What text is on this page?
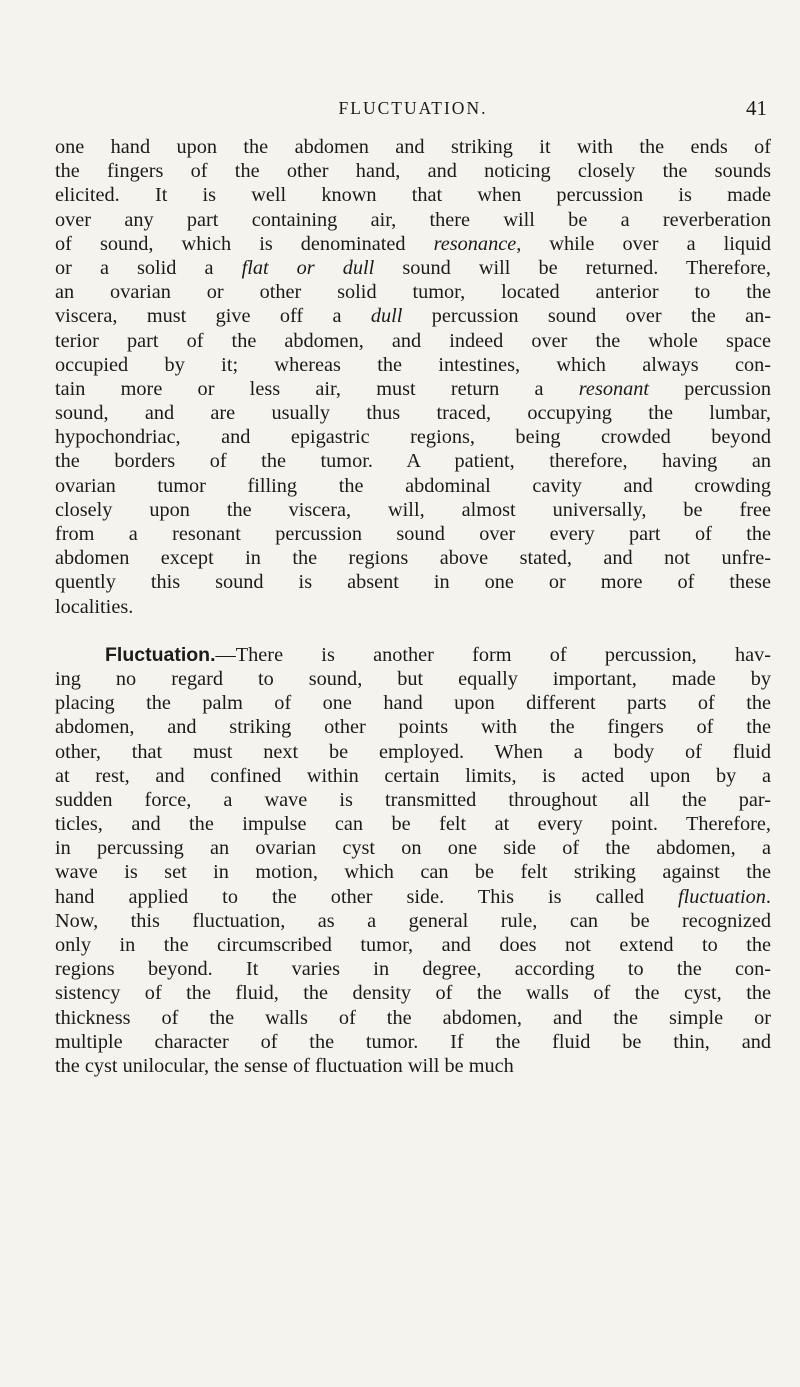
FLUCTUATION.	41
one hand upon the abdomen and striking it with the ends of
the fingers of the other hand, and noticing closely the sounds
elicited. It is well known that when percussion is made
over any part containing air, there will be a reverberation
of sound, which is denominated resonance, while over a liquid
or a solid a flat or dull sound will be returned. Therefore,
an ovarian or other solid tumor, located anterior to the
viscera, must give off a dull percussion sound over the an-
terior part of the abdomen, and indeed over the whole space
occupied by it; whereas the intestines, which always con-
tain more or less air, must return a resonant percussion
sound, and are usually thus traced, occupying the lumbar,
hypochondriac, and epigastric regions, being crowded beyond
the borders of the tumor. A patient, therefore, having an
ovarian tumor filling the abdominal cavity and crowding
closely upon the viscera, will, almost universally, be free
from a resonant percussion sound over every part of the
abdomen except in the regions above stated, and not unfre-
quently this sound is absent in one or more of these
localities.
Fluctuation.—There is another form of percussion, hav-
ing no regard to sound, but equally important, made by
placing the palm of one hand upon different parts of the
abdomen, and striking other points with the fingers of the
other, that must next be employed. When a body of fluid
at rest, and confined within certain limits, is acted upon by a
sudden force, a wave is transmitted throughout all the par-
ticles, and the impulse can be felt at every point. Therefore,
in percussing an ovarian cyst on one side of the abdomen, a
wave is set in motion, which can be felt striking against the
hand applied to the other side. This is called fluctuation.
Now, this fluctuation, as a general rule, can be recognized
only in the circumscribed tumor, and does not extend to the
regions beyond. It varies in degree, according to the con-
sistency of the fluid, the density of the walls of the cyst, the
thickness of the walls of the abdomen, and the simple or
multiple character of the tumor. If the fluid be thin, and
the cyst unilocular, the sense of fluctuation will be much
